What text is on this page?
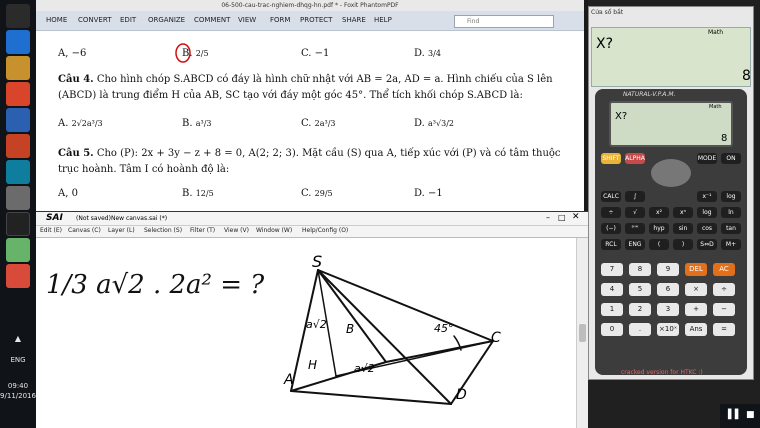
▲
ENG
09:40
9/11/2016
06-500-cau-trac-nghiem-dhqg-hn.pdf * - Foxit PhantomPDF
HOME CONVERT EDIT ORGANIZE COMMENT VIEW FORM PROTECT SHARE HELP	Find
A, −6	B. 2/5	C. −1	D. 3/4
Câu 4. Cho hình chóp S.ABCD có đáy là hình chữ nhật với AB = 2a, AD = a. Hình chiếu của S lên (ABCD) là trung điểm H của AB, SC tạo với đáy một góc 45°. Thể tích khối chóp S.ABCD là:
A. 2√2a³/3	B. a³/3	C. 2a³/3	D. a³√3/2
Câu 5. Cho (P): 2x + 3y − z + 8 = 0, A(2; 2; 3). Mặt cầu (S) qua A, tiếp xúc với (P) và có tâm thuộc trục hoành. Tâm I có hoành độ là:
A, 0	B. 12/5	C. 29/5	D. −1
SAI (Not saved)New canvas.sai (*)	– □ ✕
Edit (E) Canvas (C) Layer (L) Selection (S) Filter (T) View (V) Window (W) Help/Config (O)
1/3 a√2 . 2a² = ?
S
A
B
C
D
H
a√2
a√2
45°
Cửa sổ bắt
Math
X?
8
NATURAL-V.P.A.M.
Math
X?
8
SHIFT ALPHA	MODE	ON
CALC	∫	x⁻¹	log
÷	√	x²	xⁿ	log	ln
(−)	°'"	hyp	sin	cos	tan
RCL	ENG	(	)	S⇔D	M+
7	8	9	DEL	AC
4	5	6	×	÷
1	2	3	+	−
0	.	×10ˣ	Ans	=
cracked version for HTKC :)
▌▌ ■
